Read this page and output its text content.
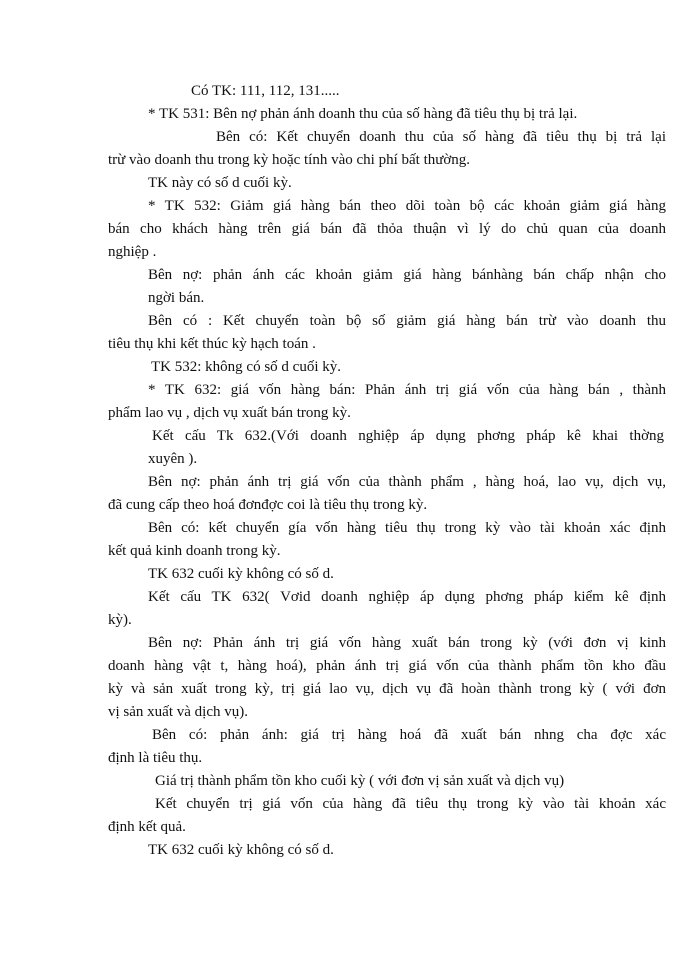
Có TK: 111, 112, 131.....
* TK 531: Bên nợ phản ánh doanh thu của số hàng đã tiêu thụ bị trả lại.
Bên có: Kết chuyển doanh thu của số hàng đã tiêu thụ bị trả lại
trừ vào doanh thu trong kỳ hoặc tính vào chi phí bất thường.
TK này có số d cuối kỳ.
* TK 532: Giảm giá hàng bán theo dõi toàn bộ các khoản giảm giá hàng
bán cho khách hàng trên giá bán đã thỏa thuận vì lý do chủ quan của doanh
nghiệp .
Bên nợ: phản ánh các khoản giảm giá hàng bánhàng bán chấp nhận cho
ngời bán.
Bên có : Kết chuyển toàn bộ số giảm giá hàng bán trừ vào doanh thu
tiêu thụ khi kết thúc kỳ hạch toán .
TK 532: không có số d cuối kỳ.
* TK 632: giá vốn hàng bán: Phản ánh trị giá vốn của hàng bán , thành
phẩm lao vụ , dịch vụ xuất bán trong kỳ.
Kết cấu Tk 632.(Với doanh nghiệp áp dụng phơng pháp kê khai thờng
xuyên ).
Bên nợ: phản ánh trị giá vốn của thành phẩm , hàng hoá, lao vụ, dịch vụ,
đã cung cấp theo hoá đơnđợc coi là tiêu thụ trong kỳ.
Bên có: kết chuyển gía vốn hàng tiêu thụ trong kỳ vào tài khoản xác định
kết quả kinh doanh trong kỳ.
TK 632 cuối kỳ không có số d.
Kết cấu TK 632( Vơid doanh nghiệp áp dụng phơng pháp kiểm kê định
kỳ).
Bên nợ: Phản ánh trị giá vốn hàng xuất bán trong kỳ (với đơn vị kinh
doanh hàng vật t, hàng hoá), phản ánh trị giá vốn của thành phẩm tồn kho đầu
kỳ và sản xuất trong kỳ, trị giá lao vụ, dịch vụ đã hoàn thành trong kỳ ( với đơn
vị sản xuất và dịch vụ).
Bên có: phản ánh: giá trị hàng hoá đã xuất bán nhng cha đợc xác
định là tiêu thụ.
Giá trị thành phẩm tồn kho cuối kỳ ( với đơn vị sản xuất và dịch vụ)
Kết chuyển trị giá vốn của hàng đã tiêu thụ trong kỳ vào tài khoản xác
định kết quả.
TK 632 cuối kỳ không có số d.
